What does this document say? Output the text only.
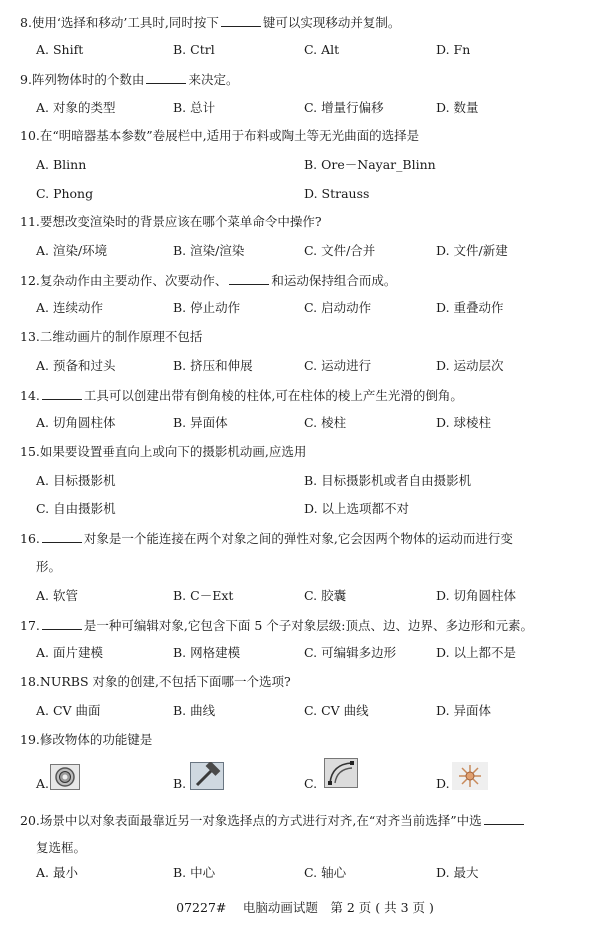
8.使用‘选择和移动’工具时,同时按下	键可以实现移动并复制。
A. Shift	B. Ctrl	C. Alt	D. Fn
9.阵列物体时的个数由	来决定。
A. 对象的类型	B. 总计	C. 增量行偏移	D. 数量
10.在“明暗器基本参数”卷展栏中,适用于布料或陶土等无光曲面的选择是
A. Blinn	B. Ore－Nayar_Blinn
C. Phong	D. Strauss
11.要想改变渲染时的背景应该在哪个菜单命令中操作?
A. 渲染/环境	B. 渲染/渲染	C. 文件/合并	D. 文件/新建
12.复杂动作由主要动作、次要动作、	和运动保持组合而成。
A. 连续动作	B. 停止动作	C. 启动动作	D. 重叠动作
13.二维动画片的制作原理不包括
A. 预备和过头	B. 挤压和伸展	C. 运动进行	D. 运动层次
14.	工具可以创建出带有倒角棱的柱体,可在柱体的棱上产生光滑的倒角。
A. 切角圆柱体	B. 异面体	C. 棱柱	D. 球棱柱
15.如果要设置垂直向上或向下的摄影机动画,应选用
A. 目标摄影机	B. 目标摄影机或者自由摄影机
C. 自由摄影机	D. 以上选项都不对
16.	对象是一个能连接在两个对象之间的弹性对象,它会因两个物体的运动而进行变
形。
A. 软管	B. C－Ext	C. 胶囊	D. 切角圆柱体
17.	是一种可编辑对象,它包含下面 5 个子对象层级:顶点、边、边界、多边形和元素。
A. 面片建模	B. 网格建模	C. 可编辑多边形	D. 以上都不是
18.NURBS 对象的创建,不包括下面哪一个选项?
A. CV 曲面	B. 曲线	C. CV 曲线	D. 异面体
19.修改物体的功能键是
A.	B.	C.	D.
20.场景中以对象表面最靠近另一对象选择点的方式进行对齐,在“对齐当前选择”中选
复选框。
A. 最小	B. 中心	C. 轴心	D. 最大
07227#　 电脑动画试题　第 2 页 ( 共 3 页 )
